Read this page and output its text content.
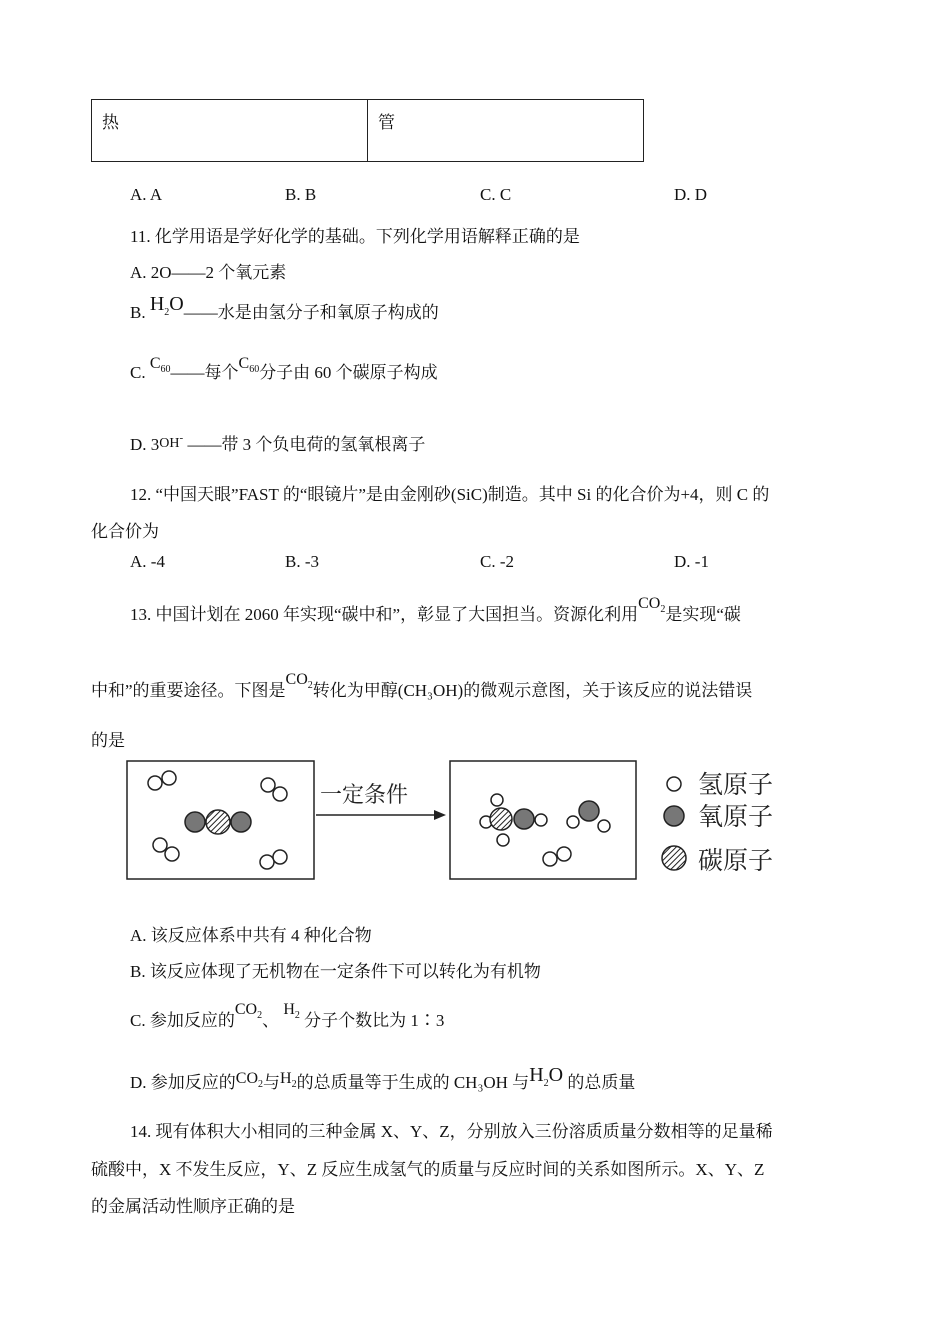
热	管
A. A	B. B	C. C	D. D
11. 化学用语是学好化学的基础。下列化学用语解释正确的是
A. 2O——2 个氧元素
B. $H_2O——$水是由氢分子和氧原子构成的
C. $C_{60}——$每个$C_{60}$分子由 60 个碳原子构成
D. 3OH- ——带 3 个负电荷的氢氧根离子
12. “中国天眼”FAST 的“眼镜片”是由金刚砂(SiC)制造。其中 Si 的化合价为+4，则 C 的
化合价为
A. -4	B. -3	C. -2	D. -1
13. 中国计划在 2060 年实现“碳中和”，彰显了大国担当。资源化利用$CO_2$是实现“碳
中和”的重要途径。下图是$CO_2$转化为甲醇(CH₃OH)的微观示意图，关于该反应的说法错误
的是
一定条件	氢原子
氧原子
碳原子
A. 该反应体系中共有 4 种化合物
B. 该反应体现了无机物在一定条件下可以转化为有机物
C. 参加反应的$CO_2$、 $H_2$ 分子个数比为 1∶3
D. 参加反应的$CO_2$与$H_2$的总质量等于生成的 CH₃OH 与$H_2O$ 的总质量
14. 现有体积大小相同的三种金属 X、Y、Z，分别放入三份溶质质量分数相等的足量稀
硫酸中，X 不发生反应，Y、Z 反应生成氢气的质量与反应时间的关系如图所示。X、Y、Z
的金属活动性顺序正确的是
